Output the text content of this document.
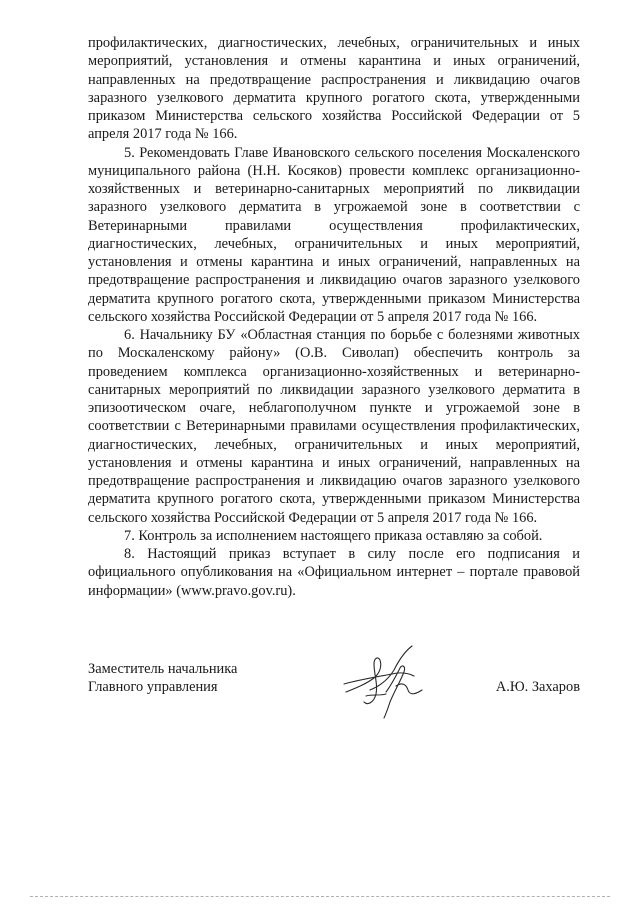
профилактических, диагностических, лечебных, ограничительных и иных мероприятий, установления и отмены карантина и иных ограничений, направленных на предотвращение распространения и ликвидацию очагов заразного узелкового дерматита крупного рогатого скота, утвержденными приказом Министерства сельского хозяйства Российской Федерации от 5 апреля 2017 года № 166.

5. Рекомендовать Главе Ивановского сельского поселения Москаленского муниципального района (Н.Н. Косяков) провести комплекс организационно-хозяйственных и ветеринарно-санитарных мероприятий по ликвидации заразного узелкового дерматита в угрожаемой зоне в соответствии с Ветеринарными правилами осуществления профилактических, диагностических, лечебных, ограничительных и иных мероприятий, установления и отмены карантина и иных ограничений, направленных на предотвращение распространения и ликвидацию очагов заразного узелкового дерматита крупного рогатого скота, утвержденными приказом Министерства сельского хозяйства Российской Федерации от 5 апреля 2017 года № 166.

6. Начальнику БУ «Областная станция по борьбе с болезнями животных по Москаленскому району» (О.В. Сиволап) обеспечить контроль за проведением комплекса организационно-хозяйственных и ветеринарно-санитарных мероприятий по ликвидации заразного узелкового дерматита в эпизоотическом очаге, неблагополучном пункте и угрожаемой зоне в соответствии с Ветеринарными правилами осуществления профилактических, диагностических, лечебных, ограничительных и иных мероприятий, установления и отмены карантина и иных ограничений, направленных на предотвращение распространения и ликвидацию очагов заразного узелкового дерматита крупного рогатого скота, утвержденными приказом Министерства сельского хозяйства Российской Федерации от 5 апреля 2017 года № 166.

7. Контроль за исполнением настоящего приказа оставляю за собой.

8. Настоящий приказ вступает в силу после его подписания и официального опубликования на «Официальном интернет – портале правовой информации» (www.pravo.gov.ru).

Заместитель начальника
Главного управления	А.Ю. Захаров
